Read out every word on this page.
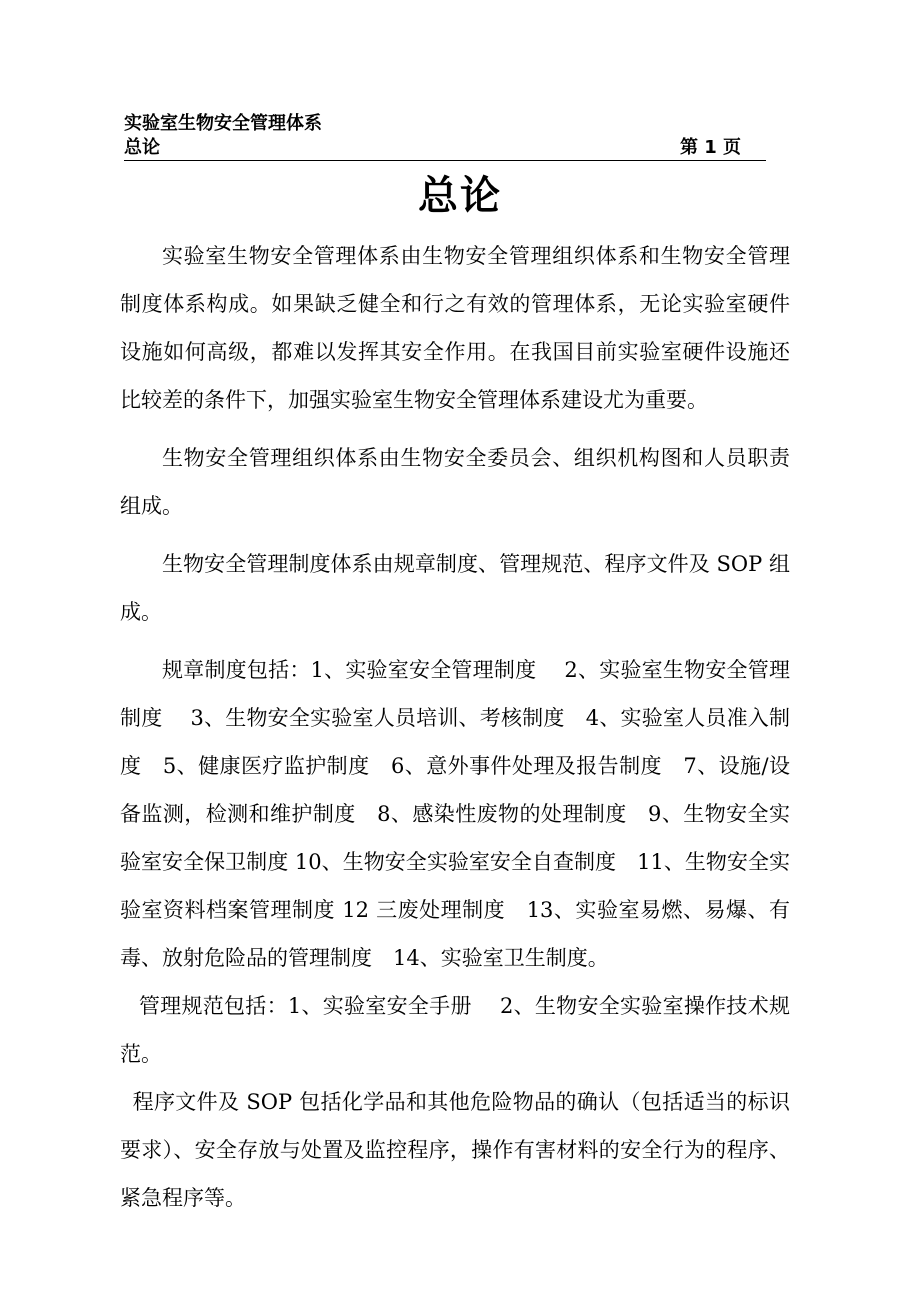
实验室生物安全管理体系
总论	第 1 页
总论

实验室生物安全管理体系由生物安全管理组织体系和生物安全管理制度体系构成。如果缺乏健全和行之有效的管理体系，无论实验室硬件设施如何高级，都难以发挥其安全作用。在我国目前实验室硬件设施还比较差的条件下，加强实验室生物安全管理体系建设尤为重要。

生物安全管理组织体系由生物安全委员会、组织机构图和人员职责组成。

生物安全管理制度体系由规章制度、管理规范、程序文件及 SOP 组成。

规章制度包括：1、实验室安全管理制度　 2、实验室生物安全管理制度　 3、生物安全实验室人员培训、考核制度　4、实验室人员准入制度　5、健康医疗监护制度　6、意外事件处理及报告制度　7、设施/设备监测，检测和维护制度　8、感染性废物的处理制度　9、生物安全实验室安全保卫制度 10、生物安全实验室安全自查制度　11、生物安全实验室资料档案管理制度 12 三废处理制度　13、实验室易燃、易爆、有毒、放射危险品的管理制度　14、实验室卫生制度。

管理规范包括：1、实验室安全手册　 2、生物安全实验室操作技术规范。

程序文件及 SOP 包括化学品和其他危险物品的确认（包括适当的标识要求）、安全存放与处置及监控程序，操作有害材料的安全行为的程序、紧急程序等。
